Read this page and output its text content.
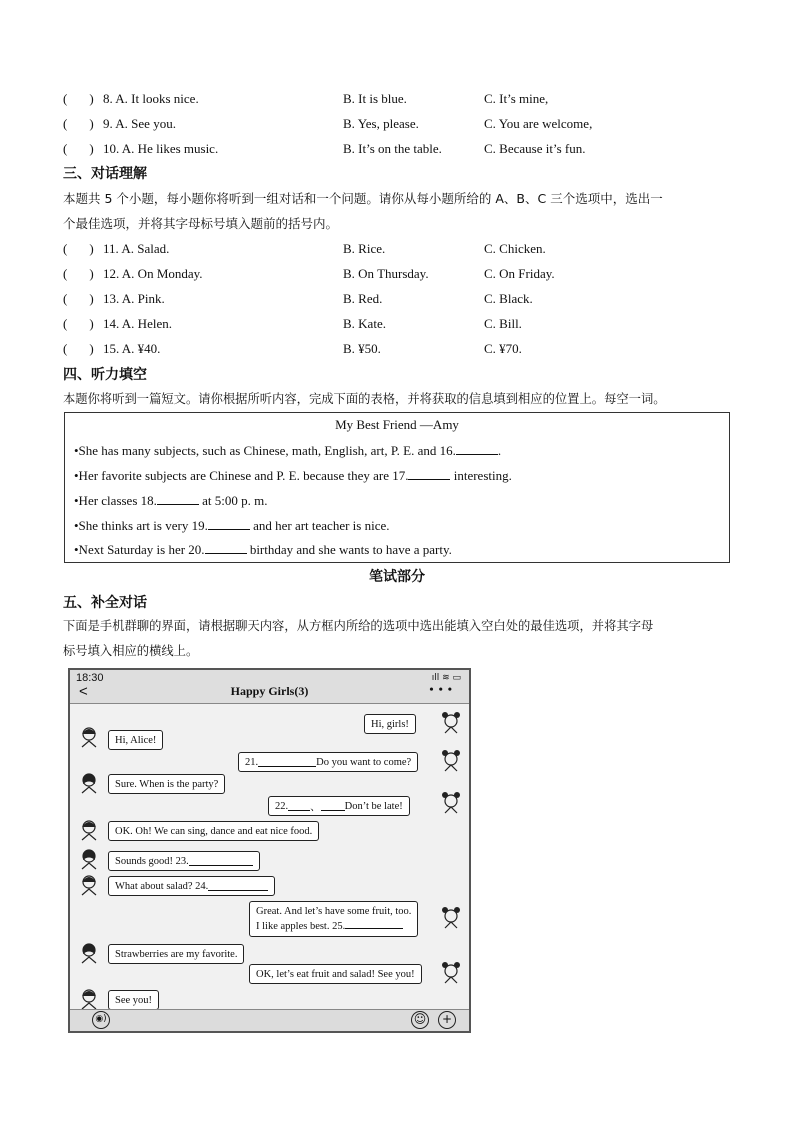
( ) 8. A. It looks nice.	B. It is blue.	C. It’s mine,
( ) 9. A. See you.	B. Yes, please.	C. You are welcome,
( ) 10. A. He likes music.	B. It’s on the table.	C. Because it’s fun.
三、对话理解
本题共 5 个小题，每小题你将听到一组对话和一个问题。请你从每小题所给的 A、B、C 三个选项中，选出一
个最佳选项，并将其字母标号填入题前的括号内。
( ) 11. A. Salad.	B. Rice.	C. Chicken.
( ) 12. A. On Monday.	B. On Thursday.	C. On Friday.
( ) 13. A. Pink.	B. Red.	C. Black.
( ) 14. A. Helen.	B. Kate.	C. Bill.
( ) 15. A. ¥40.	B. ¥50.	C. ¥70.
四、听力填空
本题你将听到一篇短文。请你根据所听内容，完成下面的表格，并将获取的信息填到相应的位置上。每空一词。
My Best Friend —Amy
•She has many subjects, such as Chinese, math, English, art, P. E. and 16.	.
•Her favorite subjects are Chinese and P. E. because they are 17.	interesting.
•Her classes 18.	at 5:00 p. m.
•She thinks art is very 19.	and her art teacher is nice.
•Next Saturday is her 20.	birthday and she wants to have a party.
笔试部分
五、补全对话
下面是手机群聊的界面，请根据聊天内容，从方框内所给的选项中选出能填入空白处的最佳选项，并将其字母
标号填入相应的横线上。
18:30	ıll ≋ ▭
<	Happy Girls(3)	• • •
Hi, girls!
Hi, Alice!
21.	Do you want to come?
Sure. When is the party?
22. 、 Don’t be late!
OK. Oh! We can sing, dance and eat nice food.
Sounds good! 23.
What about salad? 24.
Great. And let’s have some fruit, too.
I like apples best. 25.
Strawberries are my favorite.
OK, let’s eat fruit and salad! See you!
See you!
◉)	☺	+
